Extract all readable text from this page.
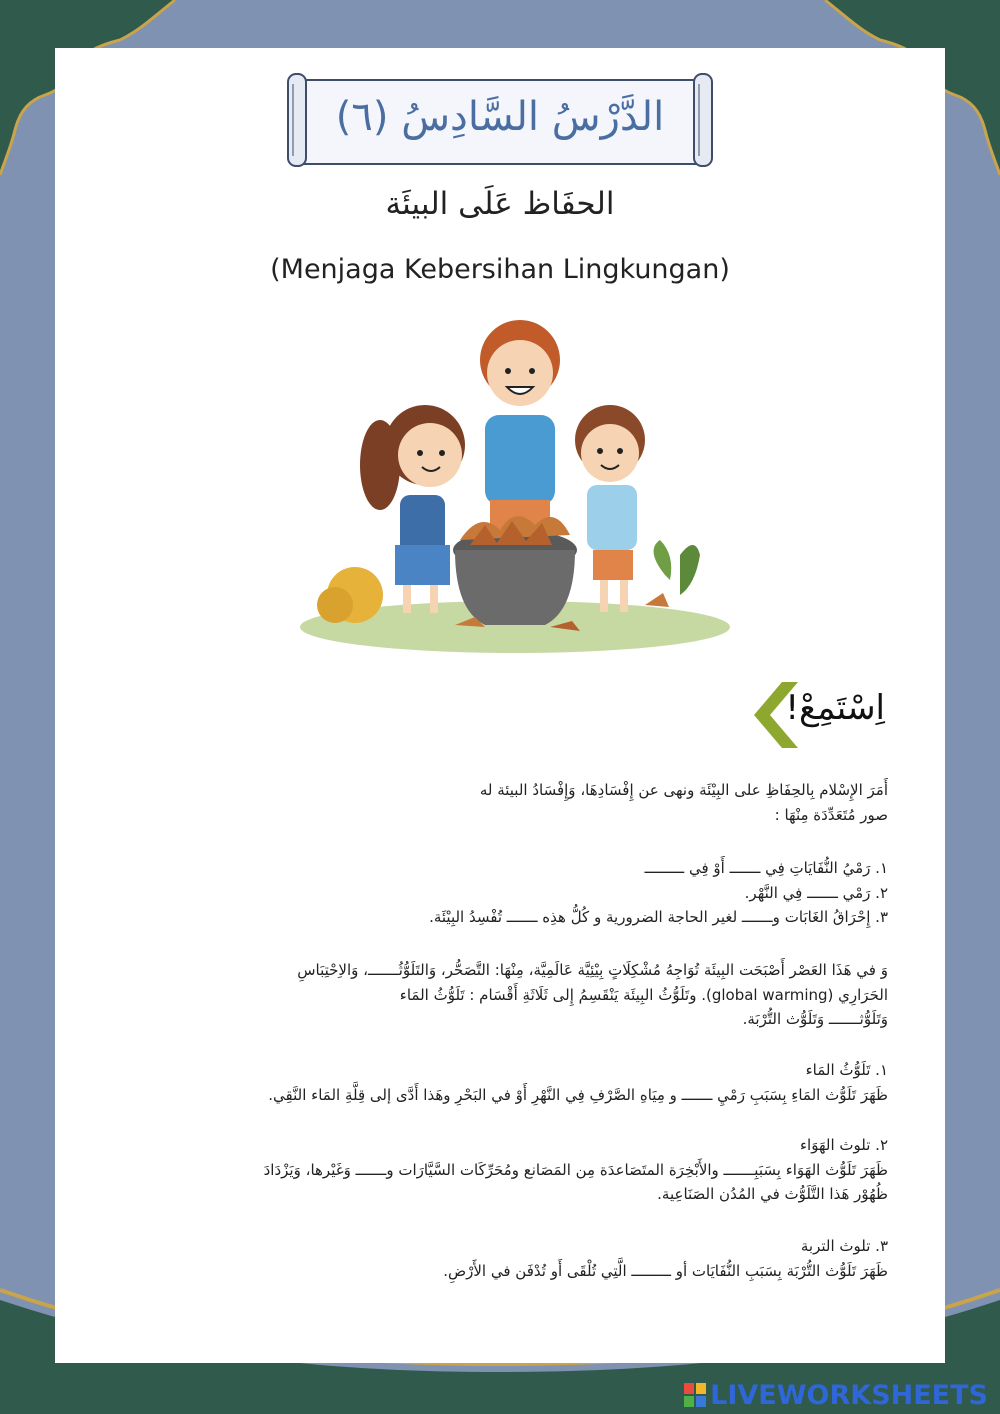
الدَّرْسُ السَّادِسُ (٦)
الحفَاظ عَلَى البيئَة
(Menjaga Kebersihan Lingkungan)
اِسْتَمِعْ!

أَمَرَ الإِسْلام بِالحِفَاظِ على البِيْئَة ونهى عن إِفْسَادِهَا، وَإِفْسَادُ البيئة له

صور مُتَعَدِّدَة مِنْهَا :

١. رَمْيُ النُّفَايَاتِ فِي ـــــــ أَوْ فِي ـــــــــ

٢. رَمْي ـــــــ فِي النَّهْر.

٣. إِحْرَاقُ الغَابَات وـــــــ لغير الحاجة الضرورية و كُلُّ هذِه ـــــــ تُفْسِدُ البِيْئَة.

وَ في هَذَا العَصْر أَصْبَحَت البِيئَة تُوَاجِهُ مُشْكِلَاتٍ بِيْئِيَّة عَالَمِيَّة، مِنْهَا: التَّصَحُّر، وَالتَلَوُّثُـــــــ، وَالاِحْتِبَاسِ

الحَرَارِي (global warming). وتَلَوُّثُ البِيئَة يَنْقَسِمُ إِلى ثَلَاثَةِ أَقْسَام : تَلَوُّثُ المَاء

وَتَلَوُّثـــــــ وَتَلَوُّث التُّرْبَة.

١. تَلَوُّثُ المَاء

ظَهَرَ تَلَوُّث المَاءِ بِسَبَبِ رَمْيِ ـــــــ و مِيَاهِ الصَّرْفِ فِي النَّهْرِ أَوْ في البَحْرِ وهَذا أَدَّى إلى قِلَّةِ المَاء النَّقِي.

٢. تلوث الهَوَاء

ظَهَرَ تَلَوُّث الهَوَاء بِسَبَبِـــــــ والأَبْخِرَة المتَصَاعدَة مِن المَصَانع ومُحَرِّكَات السَّيَّارَات وـــــــ وَغَيْرها، وَيَزْدَادَ

ظُهُوْر هَذا التَّلَوُّث في المُدُن الصَنَاعِية.

٣. تلوث التربة

ظَهَرَ تَلَوُّث التُّرْبَة بِسَبَبِ النُّفَايَات أو ـــــــــ الَّتِي تُلْقَى أَو تُدْفَن في الأَرْضِ.

LIVEWORKSHEETS
